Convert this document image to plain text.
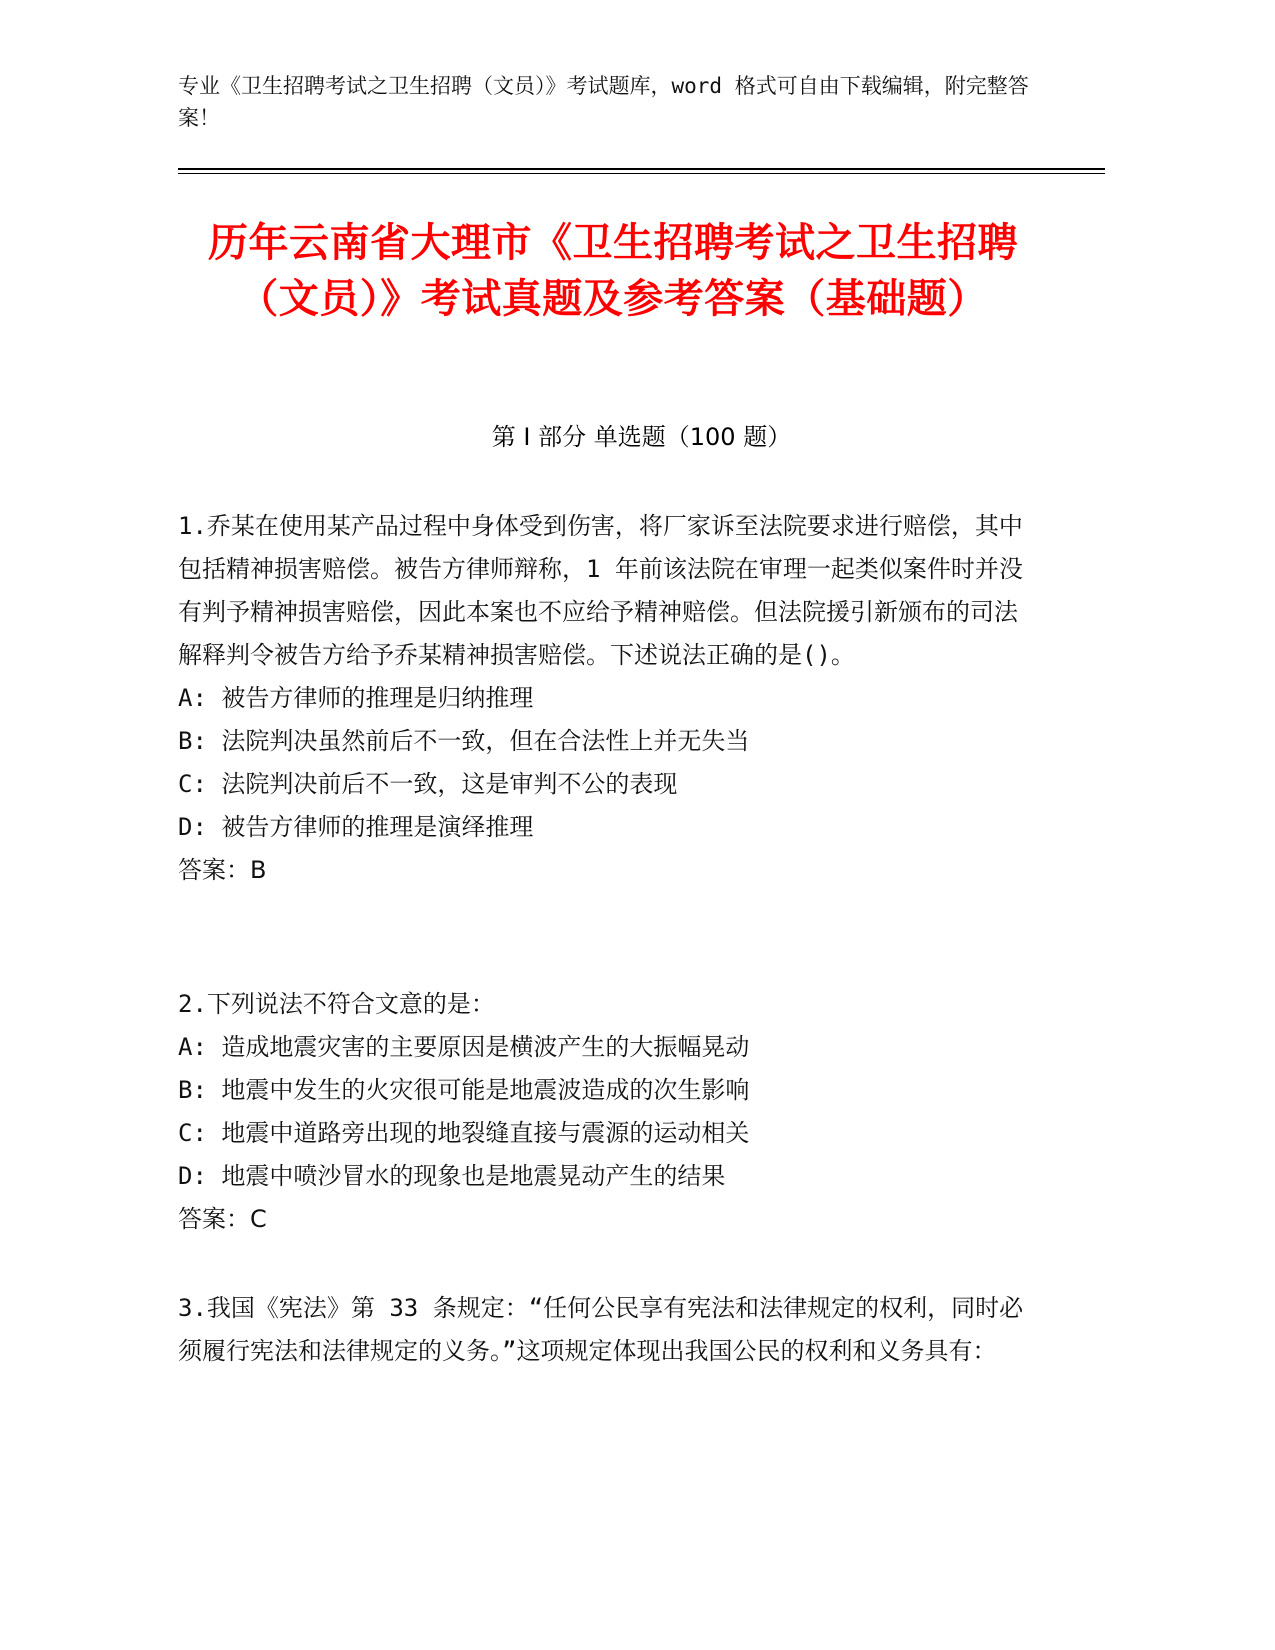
专业《卫生招聘考试之卫生招聘（文员）》考试题库，word 格式可自由下载编辑，附完整答案！
历年云南省大理市《卫生招聘考试之卫生招聘（文员）》考试真题及参考答案（基础题）
第 I 部分 单选题（100 题）

1.乔某在使用某产品过程中身体受到伤害，将厂家诉至法院要求进行赔偿，其中包括精神损害赔偿。被告方律师辩称，1 年前该法院在审理一起类似案件时并没有判予精神损害赔偿，因此本案也不应给予精神赔偿。但法院援引新颁布的司法解释判令被告方给予乔某精神损害赔偿。下述说法正确的是()。

A: 被告方律师的推理是归纳推理

B: 法院判决虽然前后不一致，但在合法性上并无失当

C: 法院判决前后不一致，这是审判不公的表现

D: 被告方律师的推理是演绎推理

答案：B

2.下列说法不符合文意的是：

A: 造成地震灾害的主要原因是横波产生的大振幅晃动

B: 地震中发生的火灾很可能是地震波造成的次生影响

C: 地震中道路旁出现的地裂缝直接与震源的运动相关

D: 地震中喷沙冒水的现象也是地震晃动产生的结果

答案：C

3.我国《宪法》第 33 条规定：“任何公民享有宪法和法律规定的权利，同时必须履行宪法和法律规定的义务。”这项规定体现出我国公民的权利和义务具有：
